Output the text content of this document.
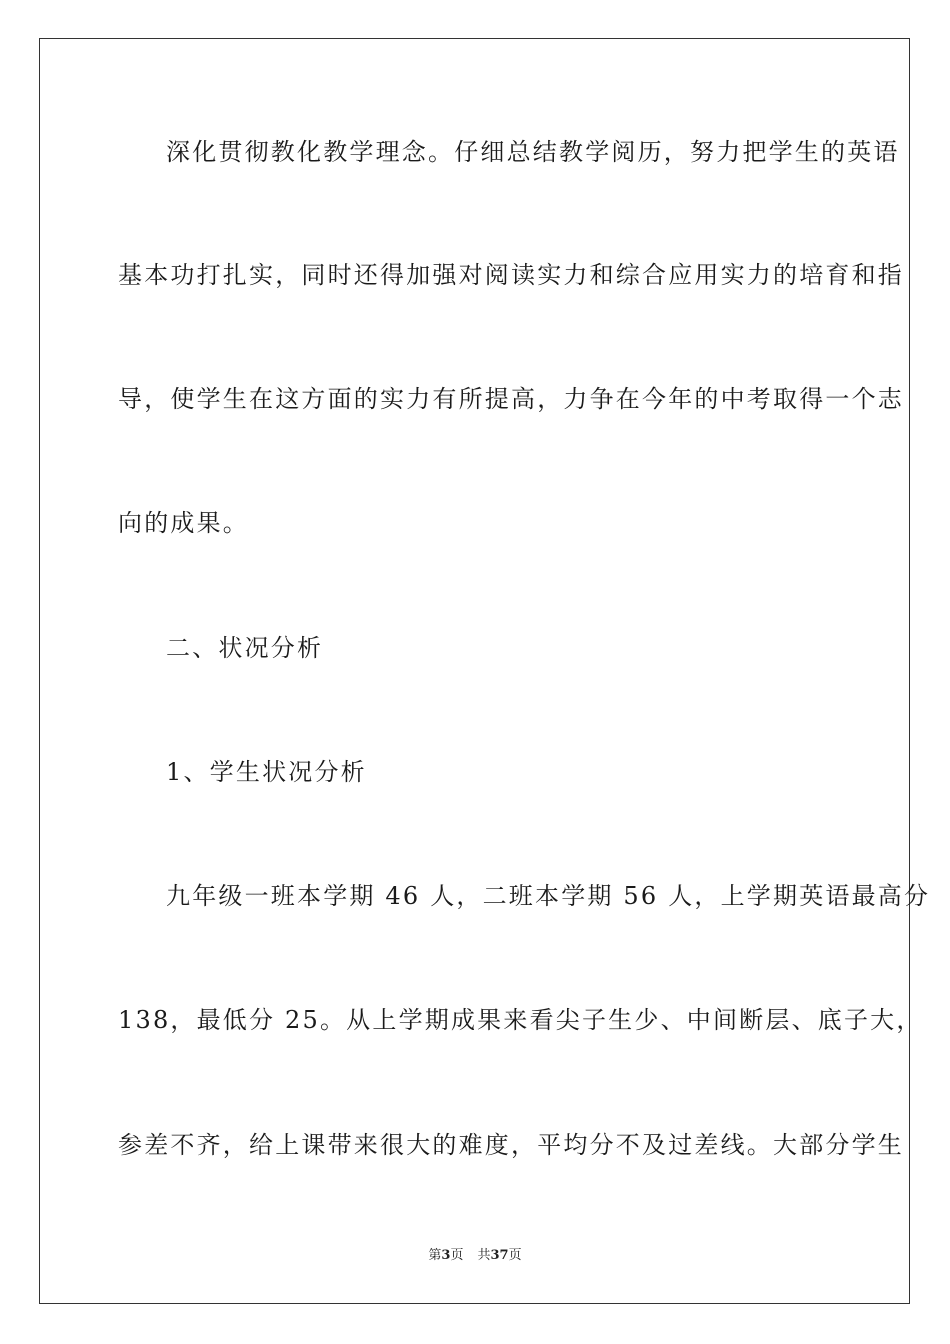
深化贯彻教化教学理念。仔细总结教学阅历，努力把学生的英语
基本功打扎实，同时还得加强对阅读实力和综合应用实力的培育和指
导，使学生在这方面的实力有所提高，力争在今年的中考取得一个志
向的成果。
二、状况分析
1、学生状况分析
九年级一班本学期 46 人，二班本学期 56 人，上学期英语最高分
138，最低分 25。从上学期成果来看尖子生少、中间断层、底子大，
参差不齐，给上课带来很大的难度，平均分不及过差线。大部分学生
第3页 共37页
